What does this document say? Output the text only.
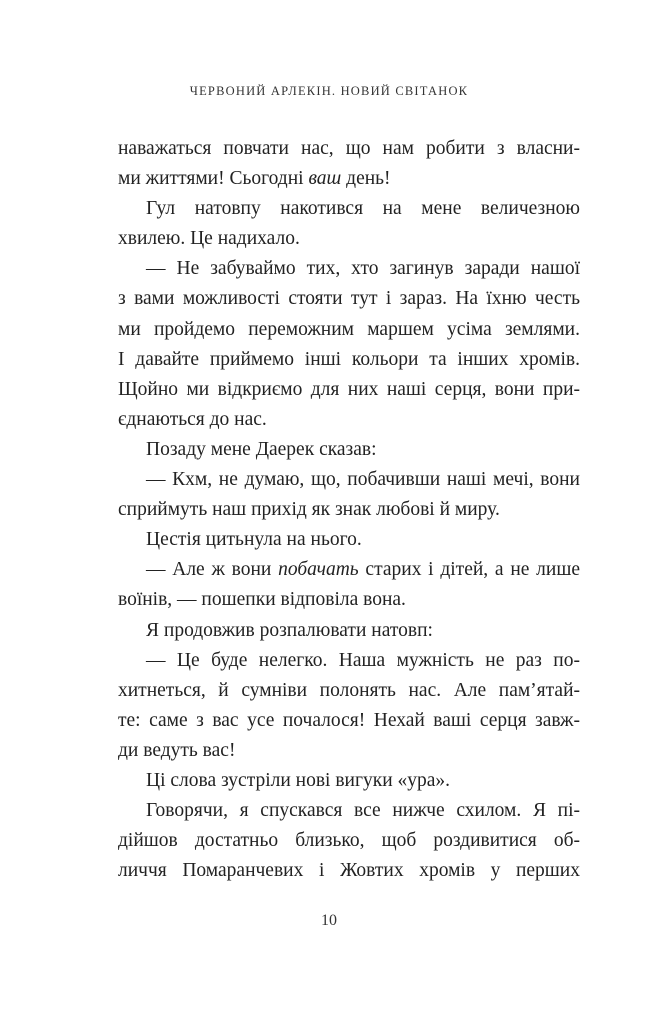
ЧЕРВОНИЙ АРЛЕКІН. НОВИЙ СВІТАНОК
наважаться повчати нас, що нам робити з власни-
ми життями! Сьогодні ваш день!
Гул натовпу накотився на мене величезною
хвилею. Це надихало.
— Не забуваймо тих, хто загинув заради нашої
з вами можливості стояти тут і зараз. На їхню честь
ми пройдемо переможним маршем усіма землями.
І давайте приймемо інші кольори та інших хромів.
Щойно ми відкриємо для них наші серця, вони при-
єднаються до нас.
Позаду мене Даерек сказав:
— Кхм, не думаю, що, побачивши наші мечі, вони
сприймуть наш прихід як знак любові й миру.
Цестія цитьнула на нього.
— Але ж вони побачать старих і дітей, а не лише
воїнів, — пошепки відповіла вона.
Я продовжив розпалювати натовп:
— Це буде нелегко. Наша мужність не раз по-
хитнеться, й сумніви полонять нас. Але пам’ятай-
те: саме з вас усе почалося! Нехай ваші серця завж-
ди ведуть вас!
Ці слова зустріли нові вигуки «ура».
Говорячи, я спускався все нижче схилом. Я пі-
дійшов достатньо близько, щоб роздивитися об-
личчя Помаранчевих і Жовтих хромів у перших
10
